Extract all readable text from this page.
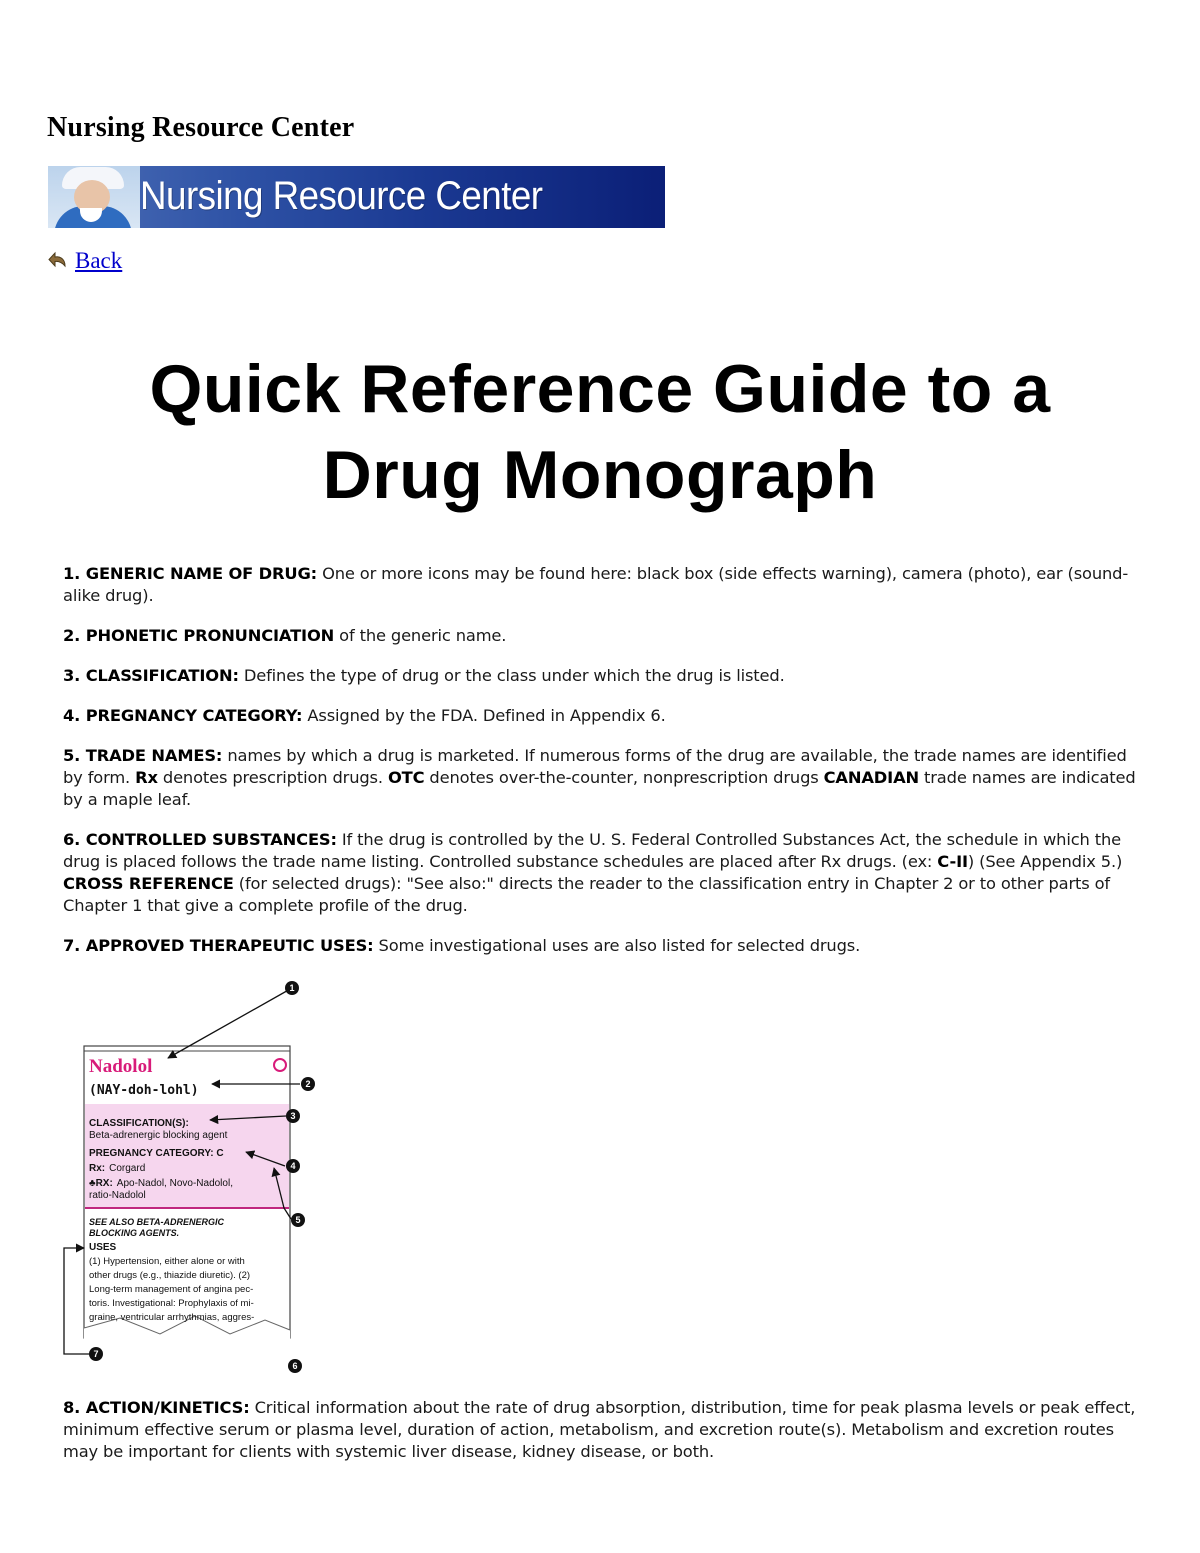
Nursing Resource Center
Nursing Resource Center
Back
Quick Reference Guide to a
Drug Monograph
1. GENERIC NAME OF DRUG: One or more icons may be found here: black box (side effects warning), camera (photo), ear (sound-alike drug).
2. PHONETIC PRONUNCIATION of the generic name.
3. CLASSIFICATION: Defines the type of drug or the class under which the drug is listed.
4. PREGNANCY CATEGORY: Assigned by the FDA. Defined in Appendix 6.
5. TRADE NAMES: names by which a drug is marketed. If numerous forms of the drug are available, the trade names are identified by form. Rx denotes prescription drugs. OTC denotes over-the-counter, nonprescription drugs CANADIAN trade names are indicated by a maple leaf.
6. CONTROLLED SUBSTANCES: If the drug is controlled by the U. S. Federal Controlled Substances Act, the schedule in which the drug is placed follows the trade name listing. Controlled substance schedules are placed after Rx drugs. (ex: C-II) (See Appendix 5.) CROSS REFERENCE (for selected drugs): "See also:" directs the reader to the classification entry in Chapter 2 or to other parts of Chapter 1 that give a complete profile of the drug.
7. APPROVED THERAPEUTIC USES: Some investigational uses are also listed for selected drugs.
Nadolol
(NAY-doh-lohl)
CLASSIFICATION(S):
Beta-adrenergic blocking agent
PREGNANCY CATEGORY: C
Rx: Corgard
♣RX: Apo-Nadol, Novo-Nadolol,
ratio-Nadolol
SEE ALSO BETA-ADRENERGIC
BLOCKING AGENTS.
USES
(1) Hypertension, either alone or with
other drugs (e.g., thiazide diuretic). (2)
Long-term management of angina pec-
toris. Investigational: Prophylaxis of mi-
graine, ventricular arrhythmias, aggres-
1
2
3
4
5
6
7

8. ACTION/KINETICS: Critical information about the rate of drug absorption, distribution, time for peak plasma levels or peak effect, minimum effective serum or plasma level, duration of action, metabolism, and excretion route(s). Metabolism and excretion routes may be important for clients with systemic liver disease, kidney disease, or both.
